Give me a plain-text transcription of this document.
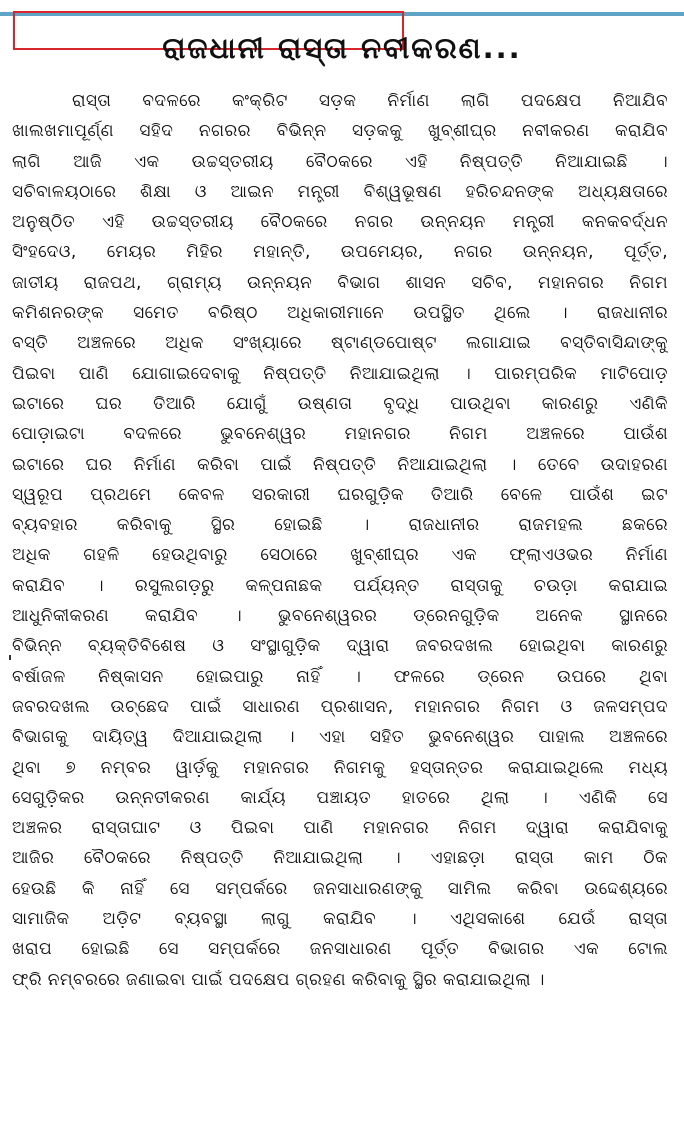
ରାଜଧାନୀ ରାସ୍ତା ନବୀକରଣ...
ରାସ୍ତା ବଦଳରେ କଂକ୍ରିଟ ସଡ଼କ ନିର୍ମାଣ ଲାଗି ପଦକ୍ଷେପ ନିଆଯିବ
ଖାଲଖମାପୂର୍ଣ୍ଣ ସହିଦ ନଗରର ବିଭିନ୍ନ ସଡ଼କକୁ ଖୁବ୍‌ଶୀଘ୍ର ନବୀକରଣ କରାଯିବ
ଲାଗି ଆଜି ଏକ ଉଚ୍ଚସ୍ତରୀୟ ବୈଠକରେ ଏହି ନିଷ୍ପତ୍ତି ନିଆଯାଇଛି ।
ସଚିବାଳୟଠାରେ ଶିକ୍ଷା ଓ ଆଇନ ମନ୍ତ୍ରୀ ବିଶ୍ୱଭୂଷଣ ହରିଚନ୍ଦନଙ୍କ ଅଧ୍ୟକ୍ଷତାରେ
ଅନୁଷ୍ଠିତ ଏହି ଉଚ୍ଚସ୍ତରୀୟ ବୈଠକରେ ନଗର ଉନ୍ନୟନ ମନ୍ତ୍ରୀ କନକବର୍ଦ୍ଧନ
ସିଂହଦେଓ, ମେୟର ମିହିର ମହାନ୍ତି, ଉପମେୟର, ନଗର ଉନ୍ନୟନ, ପୂର୍ତ୍ତ,
ଜାତୀୟ ରାଜପଥ, ଗ୍ରାମ୍ୟ ଉନ୍ନୟନ ବିଭାଗ ଶାସନ ସଚିବ, ମହାନଗର ନିଗମ
କମିଶନରଙ୍କ ସମେତ ବରିଷ୍ଠ ଅଧିକାରୀମାନେ ଉପସ୍ଥିତ ଥିଲେ । ରାଜଧାନୀର
ବସ୍ତି ଅଞ୍ଚଳରେ ଅଧିକ ସଂଖ୍ୟାରେ ଷ୍ଟାଣ୍ଡପୋଷ୍ଟ ଲଗାଯାଇ ବସ୍ତିବାସିନ୍ଦାଙ୍କୁ
ପିଇବା ପାଣି ଯୋଗାଇଦେବାକୁ ନିଷ୍ପତ୍ତି ନିଆଯାଇଥିଲା । ପାରମ୍ପରିକ ମାଟିପୋଡ଼
ଇଟାରେ ଘର ତିଆରି ଯୋଗୁଁ ଉଷ୍ଣତା ବୃଦ୍ଧି ପାଉଥିବା କାରଣରୁ ଏଣିକି
ପୋଡ଼ାଇଟା ବଦଳରେ ଭୁବନେଶ୍ୱର ମହାନଗର ନିଗମ ଅଞ୍ଚଳରେ ପାଉଁଶ
ଇଟାରେ ଘର ନିର୍ମାଣ କରିବା ପାଇଁ ନିଷ୍ପତ୍ତି ନିଆଯାଇଥିଲା । ତେବେ ଉଦାହରଣ
ସ୍ୱରୂପ ପ୍ରଥମେ କେବଳ ସରକାରୀ ଘରଗୁଡ଼ିକ ତିଆରି ବେଳେ ପାଉଁଶ ଇଟ
ବ୍ୟବହାର କରିବାକୁ ସ୍ଥିର ହୋଇଛି । ରାଜଧାନୀର ରାଜମହଲ ଛକରେ
ଅଧିକ ଗହଳି ହେଉଥିବାରୁ ସେଠାରେ ଖୁବ୍‌ଶୀଘ୍ର ଏକ ଫ୍ଲାଏଓଭର ନିର୍ମାଣ
କରାଯିବ । ରସୁଲଗଡ଼ରୁ କଳ୍ପନାଛକ ପର୍ଯ୍ୟନ୍ତ ରାସ୍ତାକୁ ଚଉଡ଼ା କରାଯାଇ
ଆଧୁନିକୀକରଣ କରାଯିବ । ଭୁବନେଶ୍ୱରର ଡ୍ରେନଗୁଡ଼ିକ ଅନେକ ସ୍ଥାନରେ
ବିଭିନ୍ନ ବ୍ୟକ୍ତିବିଶେଷ ଓ ସଂସ୍ଥାଗୁଡ଼ିକ ଦ୍ୱାରା ଜବରଦଖଲ ହୋଇଥିବା କାରଣରୁ
ବର୍ଷାଜଳ ନିଷ୍କାସନ ହୋଇପାରୁ ନାହିଁ । ଫଳରେ ଡ୍ରେନ ଉପରେ ଥିବା
ଜବରଦଖଲ ଉଚ୍ଛେଦ ପାଇଁ ସାଧାରଣ ପ୍ରଶାସନ, ମହାନଗର ନିଗମ ଓ ଜଳସମ୍ପଦ
ବିଭାଗକୁ ଦାୟିତ୍ୱ ଦିଆଯାଇଥିଲା । ଏହା ସହିତ ଭୁବନେଶ୍ୱର ପାହାଲ ଅଞ୍ଚଳରେ
ଥିବା ୭ ନମ୍ବର ୱାର୍ଡ଼କୁ ମହାନଗର ନିଗମକୁ ହସ୍ତାନ୍ତର କରାଯାଇଥିଲେ ମଧ୍ୟ
ସେଗୁଡ଼ିକର ଉନ୍ନତୀକରଣ କାର୍ଯ୍ୟ ପଞ୍ଚାୟତ ହାତରେ ଥିଲା । ଏଣିକି ସେ
ଅଞ୍ଚଳର ରାସ୍ତାଘାଟ ଓ ପିଇବା ପାଣି ମହାନଗର ନିଗମ ଦ୍ୱାରା କରାଯିବାକୁ
ଆଜିର ବୈଠକରେ ନିଷ୍ପତ୍ତି ନିଆଯାଇଥିଲା । ଏହାଛଡ଼ା ରାସ୍ତା କାମ ଠିକ
ହେଉଛି କି ନାହିଁ ସେ ସମ୍ପର୍କରେ ଜନସାଧାରଣଙ୍କୁ ସାମିଲ କରିବା ଉଦ୍ଦେଶ୍ୟରେ
ସାମାଜିକ ଅଡ଼ିଟ ବ୍ୟବସ୍ଥା ଲାଗୁ କରାଯିବ । ଏଥିସକାଶେ ଯେଉଁ ରାସ୍ତା
ଖରାପ ହୋଇଛି ସେ ସମ୍ପର୍କରେ ଜନସାଧାରଣ ପୂର୍ତ୍ତ ବିଭାଗର ଏକ ଟୋଲ
ଫ୍ରି ନମ୍ବରରେ ଜଣାଇବା ପାଇଁ ପଦକ୍ଷେପ ଗ୍ରହଣ କରିବାକୁ ସ୍ଥିର କରାଯାଇଥିଲା ।
